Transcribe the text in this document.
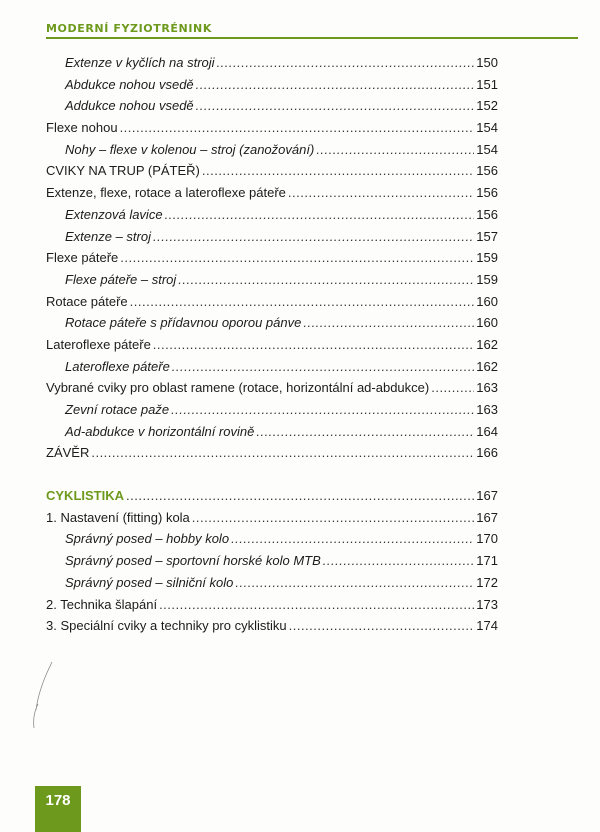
MODERNÍ FYZIOTRÉNINK
Extenze v kyčlích na stroji .....	150
Abdukce nohou vsedě .....	151
Addukce nohou vsedě .....	152
Flexe nohou .....	154
Nohy – flexe v kolenou – stroj (zanožování) .....	154
CVIKY NA TRUP (PÁTEŘ) .....	156
Extenze, flexe, rotace a lateroflexe páteře .....	156
Extenzová lavice .....	156
Extenze – stroj .....	157
Flexe páteře .....	159
Flexe páteře – stroj .....	159
Rotace páteře .....	160
Rotace páteře s přídavnou oporou pánve .....	160
Lateroflexe páteře .....	162
Lateroflexe páteře .....	162
Vybrané cviky pro oblast ramene (rotace, horizontální ad-abdukce) .....	163
Zevní rotace paže .....	163
Ad-abdukce v horizontální rovině .....	164
ZÁVĚR .....	166
CYKLISTIKA .....	167
1. Nastavení (fitting) kola .....	167
Správný posed – hobby kolo .....	170
Správný posed – sportovní horské kolo MTB .....	171
Správný posed – silniční kolo .....	172
2. Technika šlapání .....	173
3. Speciální cviky a techniky pro cyklistiku .....	174
178
